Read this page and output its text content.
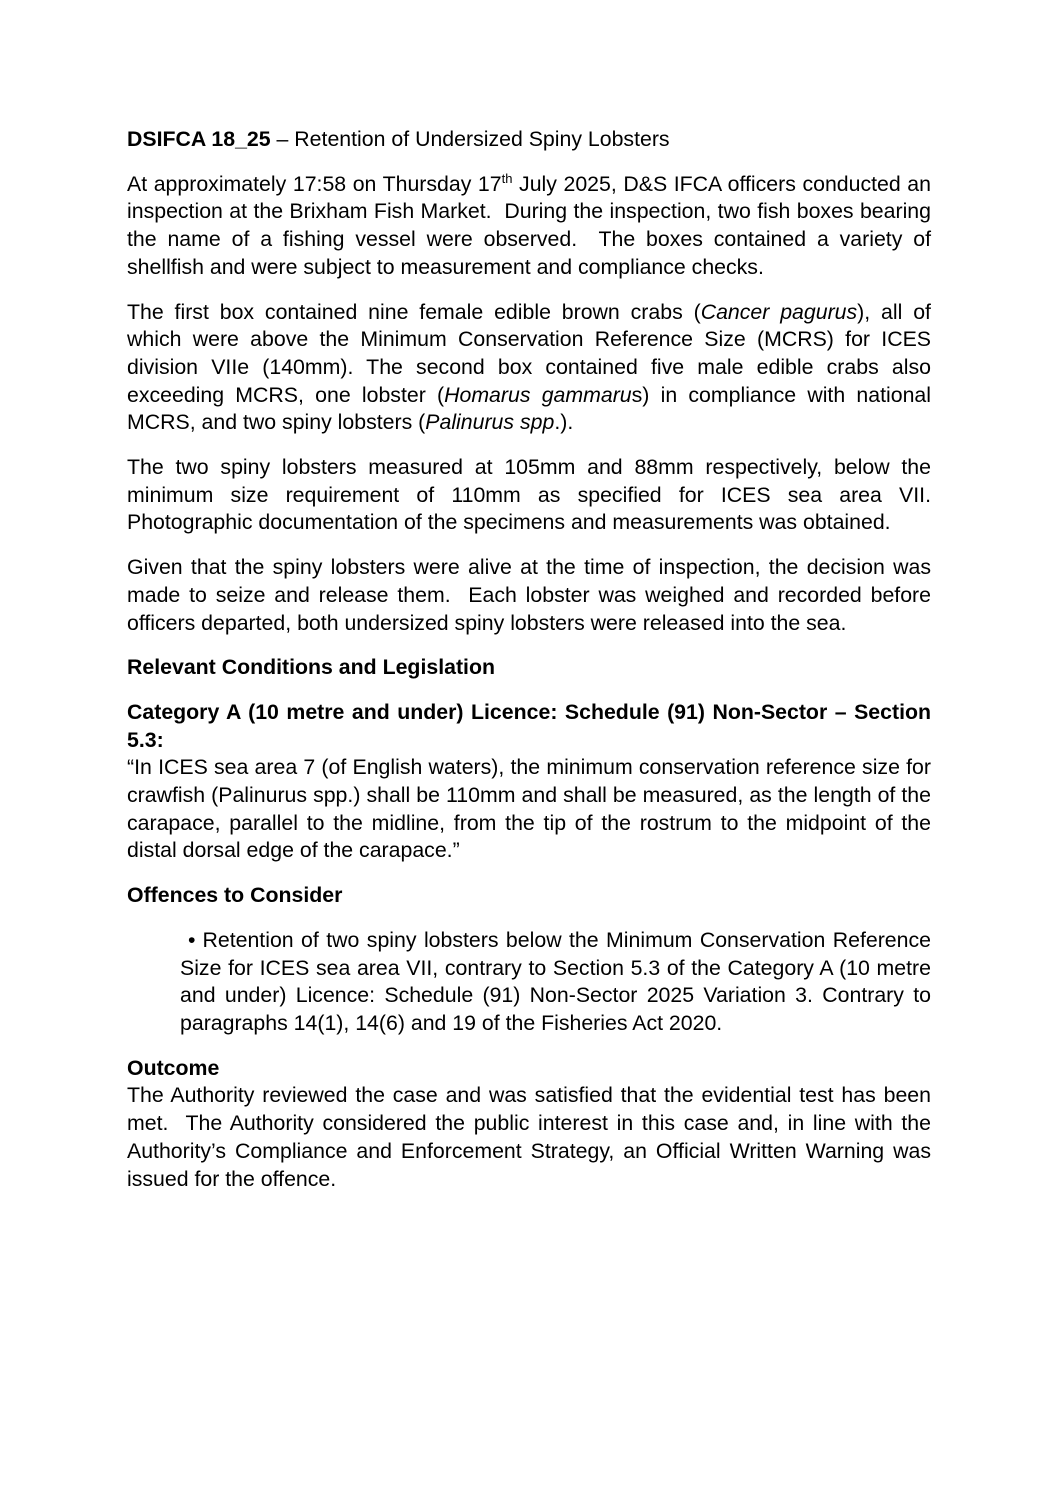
DSIFCA 18_25 – Retention of Undersized Spiny Lobsters

At approximately 17:58 on Thursday 17th July 2025, D&S IFCA officers conducted an inspection at the Brixham Fish Market.  During the inspection, two fish boxes bearing the name of a fishing vessel were observed.  The boxes contained a variety of shellfish and were subject to measurement and compliance checks.

The first box contained nine female edible brown crabs (Cancer pagurus), all of which were above the Minimum Conservation Reference Size (MCRS) for ICES division VIIe (140mm). The second box contained five male edible crabs also exceeding MCRS, one lobster (Homarus gammarus) in compliance with national MCRS, and two spiny lobsters (Palinurus spp.).

The two spiny lobsters measured at 105mm and 88mm respectively, below the minimum size requirement of 110mm as specified for ICES sea area VII. Photographic documentation of the specimens and measurements was obtained.

Given that the spiny lobsters were alive at the time of inspection, the decision was made to seize and release them.  Each lobster was weighed and recorded before officers departed, both undersized spiny lobsters were released into the sea.

Relevant Conditions and Legislation

Category A (10 metre and under) Licence: Schedule (91) Non-Sector – Section 5.3:

“In ICES sea area 7 (of English waters), the minimum conservation reference size for crawfish (Palinurus spp.) shall be 110mm and shall be measured, as the length of the carapace, parallel to the midline, from the tip of the rostrum to the midpoint of the distal dorsal edge of the carapace.”

Offences to Consider

• Retention of two spiny lobsters below the Minimum Conservation Reference Size for ICES sea area VII, contrary to Section 5.3 of the Category A (10 metre and under) Licence: Schedule (91) Non-Sector 2025 Variation 3. Contrary to paragraphs 14(1), 14(6) and 19 of the Fisheries Act 2020.

Outcome

The Authority reviewed the case and was satisfied that the evidential test has been met.  The Authority considered the public interest in this case and, in line with the Authority’s Compliance and Enforcement Strategy, an Official Written Warning was issued for the offence.
